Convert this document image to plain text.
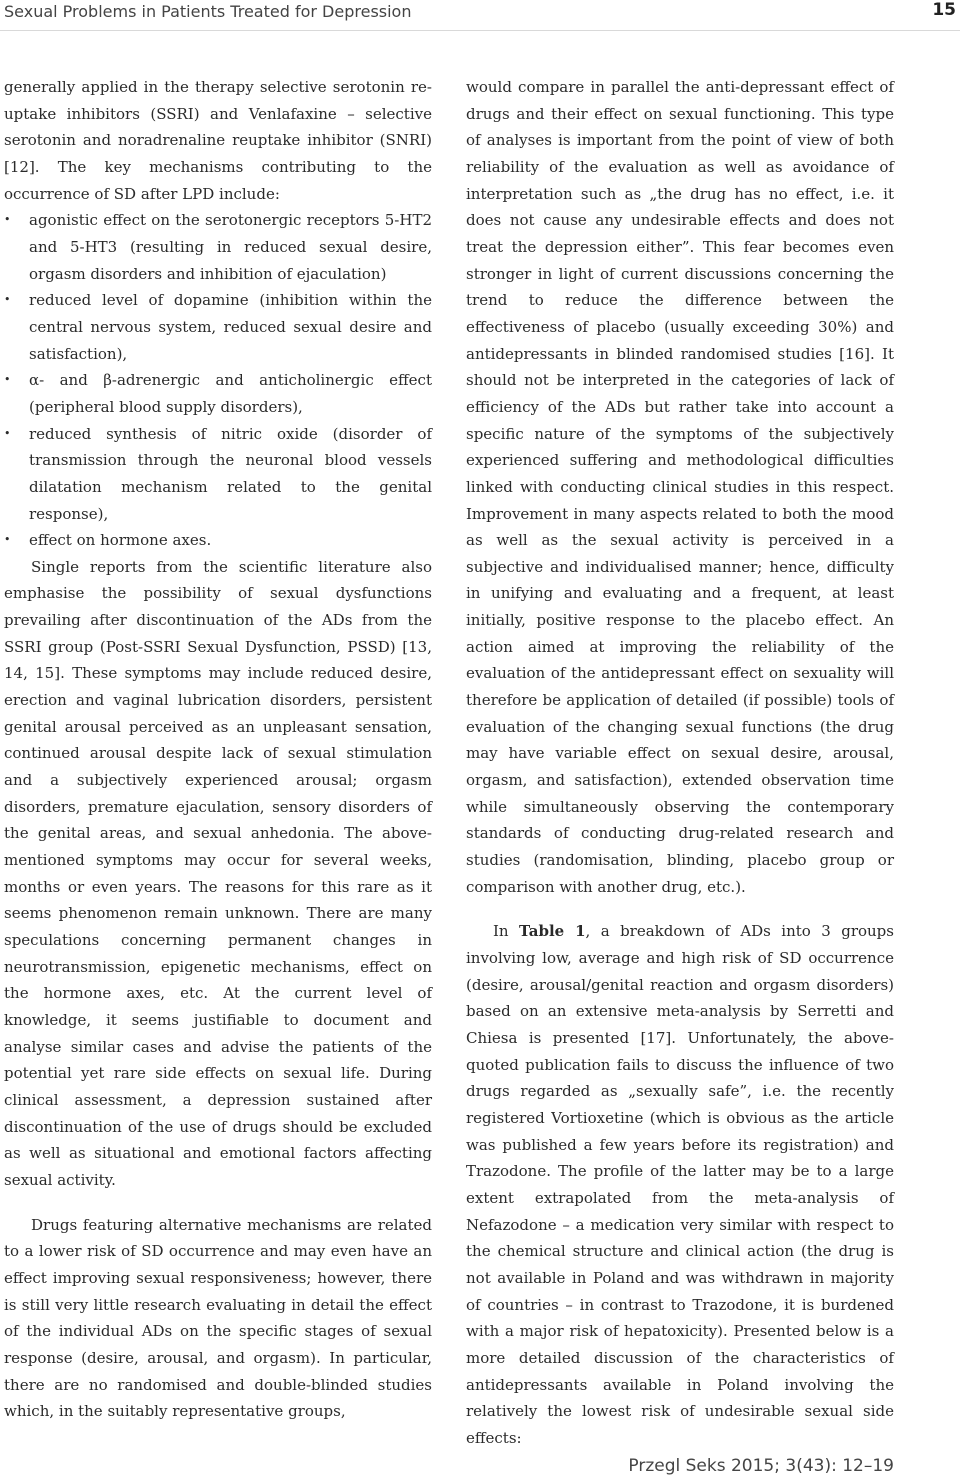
Sexual Problems in Patients Treated for Depression	15

generally applied in the therapy selective serotonin re-uptake inhibitors (SSRI) and Venlafaxine – selective serotonin and noradrenaline reuptake inhibitor (SNRI) [12]. The key mechanisms contributing to the occurrence of SD after LPD include:

• agonistic effect on the serotonergic receptors 5-HT2 and 5-HT3 (resulting in reduced sexual desire, orgasm disorders and inhibition of ejaculation)
• reduced level of dopamine (inhibition within the central nervous system, reduced sexual desire and satisfaction),
• α- and β-adrenergic and anticholinergic effect (peripheral blood supply disorders),
• reduced synthesis of nitric oxide (disorder of transmission through the neuronal blood vessels dilatation mechanism related to the genital response),
• effect on hormone axes.

Single reports from the scientific literature also emphasise the possibility of sexual dysfunctions prevailing after discontinuation of the ADs from the SSRI group (Post-SSRI Sexual Dysfunction, PSSD) [13, 14, 15]. These symptoms may include reduced desire, erection and vaginal lubrication disorders, persistent genital arousal perceived as an unpleasant sensation, continued arousal despite lack of sexual stimulation and a subjectively experienced arousal; orgasm disorders, premature ejaculation, sensory disorders of the genital areas, and sexual anhedonia. The above-mentioned symptoms may occur for several weeks, months or even years. The reasons for this rare as it seems phenomenon remain unknown. There are many speculations concerning permanent changes in neurotransmission, epigenetic mechanisms, effect on the hormone axes, etc. At the current level of knowledge, it seems justifiable to document and analyse similar cases and advise the patients of the potential yet rare side effects on sexual life. During clinical assessment, a depression sustained after discontinuation of the use of drugs should be excluded as well as situational and emotional factors affecting sexual activity.

Drugs featuring alternative mechanisms are related to a lower risk of SD occurrence and may even have an effect improving sexual responsiveness; however, there is still very little research evaluating in detail the effect of the individual ADs on the specific stages of sexual response (desire, arousal, and orgasm). In particular, there are no randomised and double-blinded studies which, in the suitably representative groups,

would compare in parallel the anti-depressant effect of drugs and their effect on sexual functioning. This type of analyses is important from the point of view of both reliability of the evaluation as well as avoidance of interpretation such as „the drug has no effect, i.e. it does not cause any undesirable effects and does not treat the depression either”. This fear becomes even stronger in light of current discussions concerning the trend to reduce the difference between the effectiveness of placebo (usually exceeding 30%) and antidepressants in blinded randomised studies [16]. It should not be interpreted in the categories of lack of efficiency of the ADs but rather take into account a specific nature of the symptoms of the subjectively experienced suffering and methodological difficulties linked with conducting clinical studies in this respect. Improvement in many aspects related to both the mood as well as the sexual activity is perceived in a subjective and individualised manner; hence, difficulty in unifying and evaluating and a frequent, at least initially, positive response to the placebo effect. An action aimed at improving the reliability of the evaluation of the antidepressant effect on sexuality will therefore be application of detailed (if possible) tools of evaluation of the changing sexual functions (the drug may have variable effect on sexual desire, arousal, orgasm, and satisfaction), extended observation time while simultaneously observing the contemporary standards of conducting drug-related research and studies (randomisation, blinding, placebo group or comparison with another drug, etc.).

In Table 1, a breakdown of ADs into 3 groups involving low, average and high risk of SD occurrence (desire, arousal/genital reaction and orgasm disorders) based on an extensive meta-analysis by Serretti and Chiesa is presented [17]. Unfortunately, the above-quoted publication fails to discuss the influence of two drugs regarded as „sexually safe”, i.e. the recently registered Vortioxetine (which is obvious as the article was published a few years before its registration) and Trazodone. The profile of the latter may be to a large extent extrapolated from the meta-analysis of Nefazodone – a medication very similar with respect to the chemical structure and clinical action (the drug is not available in Poland and was withdrawn in majority of countries – in contrast to Trazodone, it is burdened with a major risk of hepatoxicity). Presented below is a more detailed discussion of the characteristics of antidepressants available in Poland involving the relatively the lowest risk of undesirable sexual side effects:

Przegl Seks 2015; 3(43): 12–19
